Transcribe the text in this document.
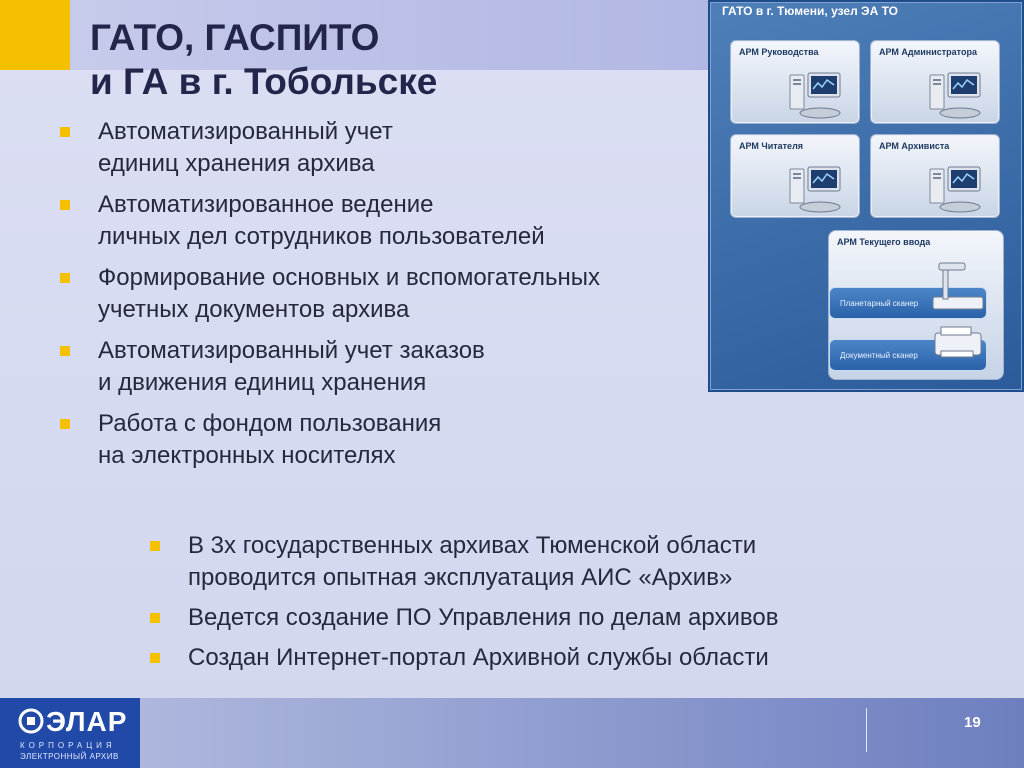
ГАТО, ГАСПИТО
и ГА в г. Тобольске
Автоматизированный учет
единиц хранения архива
Автоматизированное ведение
личных дел сотрудников пользователей
Формирование основных и вспомогательных
учетных документов архива
Автоматизированный учет заказов
и движения единиц хранения
Работа с фондом пользования
на электронных носителях
В 3х государственных архивах Тюменской области
проводится опытная эксплуатация АИС «Архив»
Ведется создание ПО Управления по делам архивов
Создан Интернет-портал Архивной службы области
ГАТО в г. Тюмени, узел ЭА ТО
АРМ Руководства	АРМ Администратора
АРМ Читателя	АРМ Архивиста
АРМ Текущего ввода
Планетарный сканер
Документный сканер
ЭЛАР
КОРПОРАЦИЯ
ЭЛЕКТРОННЫЙ АРХИВ
19
